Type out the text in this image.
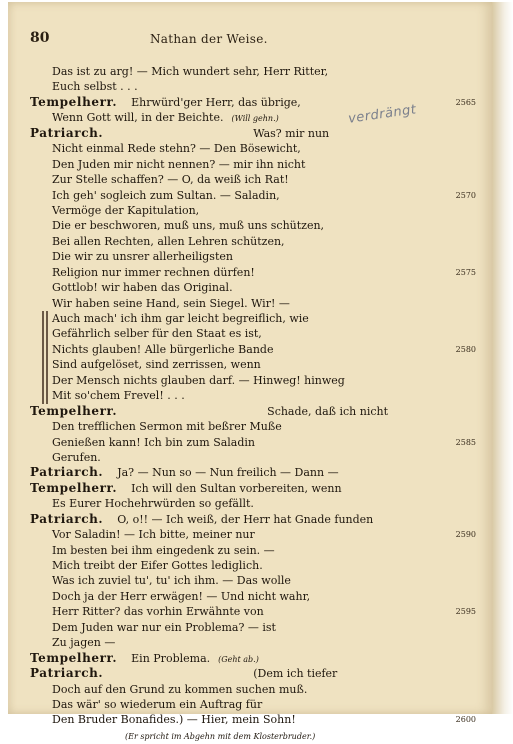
80	Nathan der Weise.
verdrängt
Das ist zu arg! — Mich wundert sehr, Herr Ritter,
Euch selbst . . .
Tempelherr. Ehrwürd'ger Herr, das übrige,	2565
Wenn Gott will, in der Beichte. (Will gehn.)
Patriarch.	Was? mir nun
Nicht einmal Rede stehn? — Den Bösewicht,
Den Juden mir nicht nennen? — mir ihn nicht
Zur Stelle schaffen? — O, da weiß ich Rat!
Ich geh' sogleich zum Sultan. — Saladin,	2570
Vermöge der Kapitulation,
Die er beschworen, muß uns, muß uns schützen,
Bei allen Rechten, allen Lehren schützen,
Die wir zu unsrer allerheiligsten
Religion nur immer rechnen dürfen!	2575
Gottlob! wir haben das Original.
Wir haben seine Hand, sein Siegel. Wir! —
Auch mach' ich ihm gar leicht begreiflich, wie
Gefährlich selber für den Staat es ist,
Nichts glauben! Alle bürgerliche Bande	2580
Sind aufgelöset, sind zerrissen, wenn
Der Mensch nichts glauben darf. — Hinweg! hinweg
Mit so'chem Frevel! . . .
Tempelherr.	Schade, daß ich nicht
Den trefflichen Sermon mit beßrer Muße
Genießen kann! Ich bin zum Saladin	2585
Gerufen.
Patriarch. Ja? — Nun so — Nun freilich — Dann —
Tempelherr. Ich will den Sultan vorbereiten, wenn
Es Eurer Hochehrwürden so gefällt.
Patriarch. O, o!! — Ich weiß, der Herr hat Gnade funden
Vor Saladin! — Ich bitte, meiner nur	2590
Im besten bei ihm eingedenk zu sein. —
Mich treibt der Eifer Gottes lediglich.
Was ich zuviel tu', tu' ich ihm. — Das wolle
Doch ja der Herr erwägen! — Und nicht wahr,
Herr Ritter? das vorhin Erwähnte von	2595
Dem Juden war nur ein Problema? — ist
Zu jagen —
Tempelherr. Ein Problema. (Geht ab.)
Patriarch.	(Dem ich tiefer
Doch auf den Grund zu kommen suchen muß.
Das wär' so wiederum ein Auftrag für
Den Bruder Bonafides.) — Hier, mein Sohn!	2600
(Er spricht im Abgehn mit dem Klosterbruder.)
